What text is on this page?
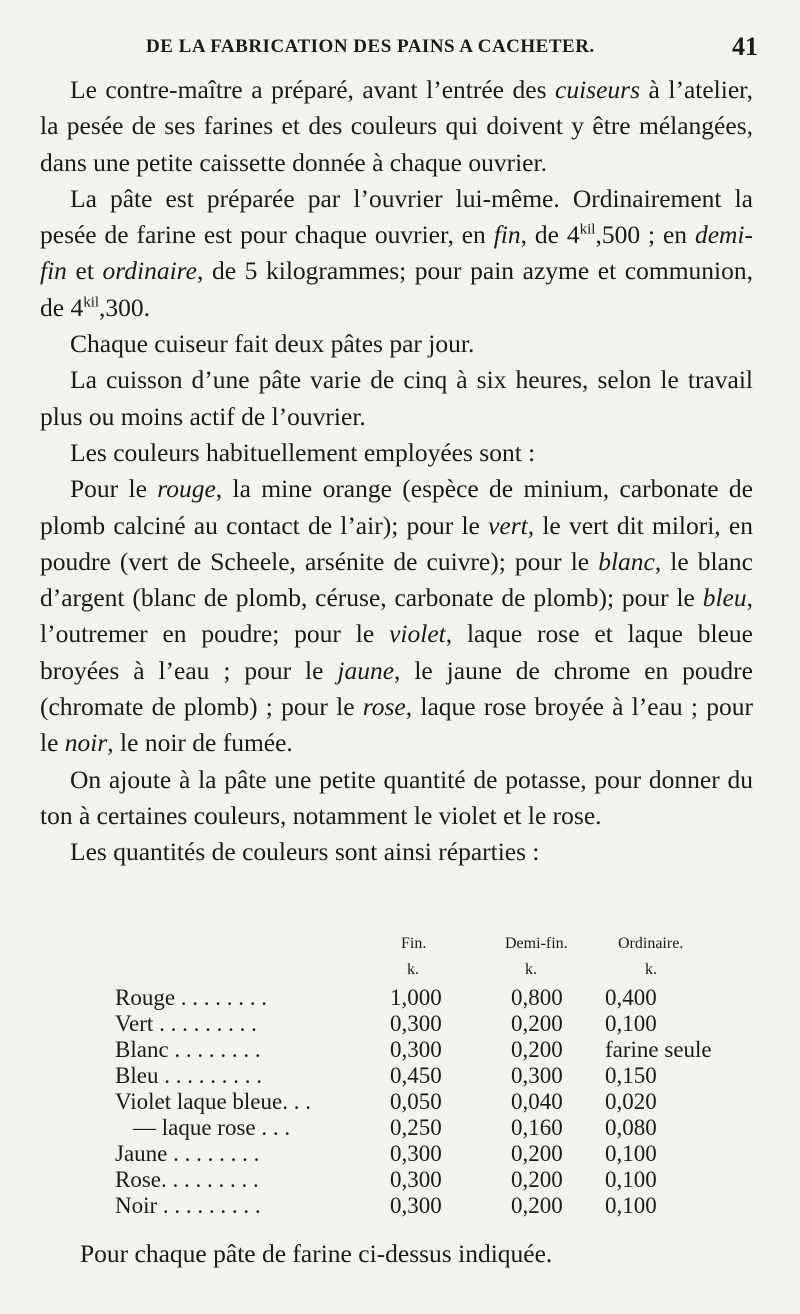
DE LA FABRICATION DES PAINS A CACHETER.	41

Le contre-maître a préparé, avant l’entrée des cuiseurs à l’atelier, la pesée de ses farines et des couleurs qui doivent y être mélangées, dans une petite caissette donnée à chaque ouvrier.

La pâte est préparée par l’ouvrier lui-même. Ordinairement la pesée de farine est pour chaque ouvrier, en fin, de $4^{kil},500$ ; en demi-fin et ordinaire, de 5 kilogrammes; pour pain azyme et communion, de $4^{kil},300$.

Chaque cuiseur fait deux pâtes par jour.

La cuisson d’une pâte varie de cinq à six heures, selon le travail plus ou moins actif de l’ouvrier.

Les couleurs habituellement employées sont :

Pour le rouge, la mine orange (espèce de minium, carbonate de plomb calciné au contact de l’air); pour le vert, le vert dit milori, en poudre (vert de Scheele, arsénite de cuivre); pour le blanc, le blanc d’argent (blanc de plomb, céruse, carbonate de plomb); pour le bleu, l’outremer en poudre; pour le violet, laque rose et laque bleue broyées à l’eau ; pour le jaune, le jaune de chrome en poudre (chromate de plomb) ; pour le rose, laque rose broyée à l’eau ; pour le noir, le noir de fumée.

On ajoute à la pâte une petite quantité de potasse, pour donner du ton à certaines couleurs, notamment le violet et le rose.

Les quantités de couleurs sont ainsi réparties :

Fin.	Demi-fin.	Ordinaire.
k.	k.	k.
Rouge . . . . . . . .	1,000	0,800 0,400
Vert . . . . . . . . .	0,300	0,200 0,100
Blanc . . . . . . . .	0,300	0,200 farine seule
Bleu . . . . . . . . .	0,450	0,300 0,150
Violet laque bleue. . .	0,050	0,040 0,020
— laque rose . . .	0,250	0,160 0,080
Jaune . . . . . . . .	0,300	0,200 0,100
Rose. . . . . . . . .	0,300	0,200 0,100
Noir . . . . . . . . .	0,300	0,200 0,100
Pour chaque pâte de farine ci-dessus indiquée.
